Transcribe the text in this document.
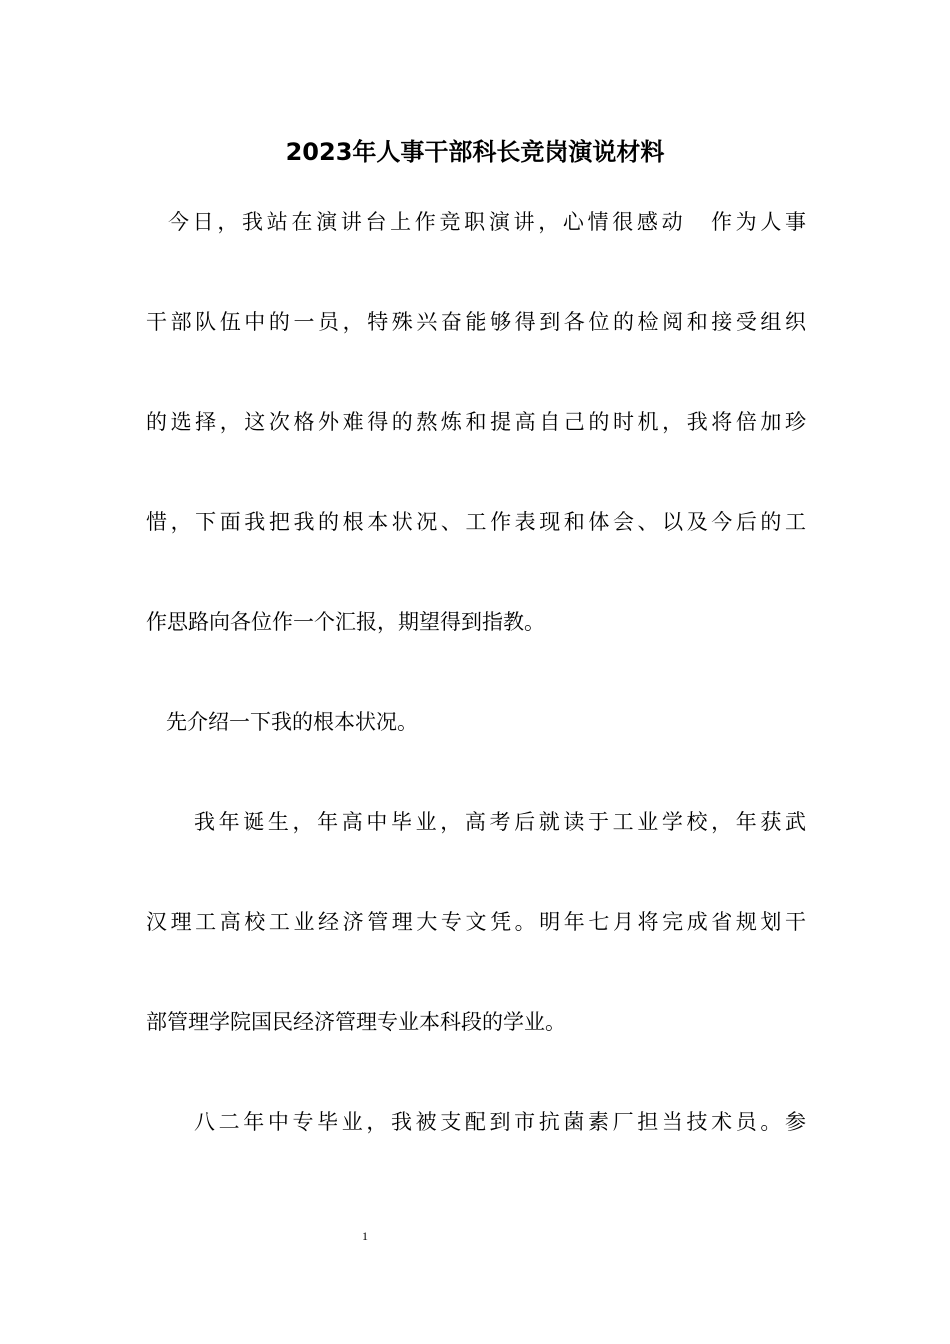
2023年人事干部科长竞岗演说材料
今日，我站在演讲台上作竞职演讲，心情很感动　作为人事
干部队伍中的一员，特殊兴奋能够得到各位的检阅和接受组织
的选择，这次格外难得的熬炼和提高自己的时机，我将倍加珍
惜，下面我把我的根本状况、工作表现和体会、以及今后的工
作思路向各位作一个汇报，期望得到指教。
先介绍一下我的根本状况。
我年诞生，年高中毕业，高考后就读于工业学校，年获武
汉理工高校工业经济管理大专文凭。明年七月将完成省规划干
部管理学院国民经济管理专业本科段的学业。
八二年中专毕业，我被支配到市抗菌素厂担当技术员。参
1
